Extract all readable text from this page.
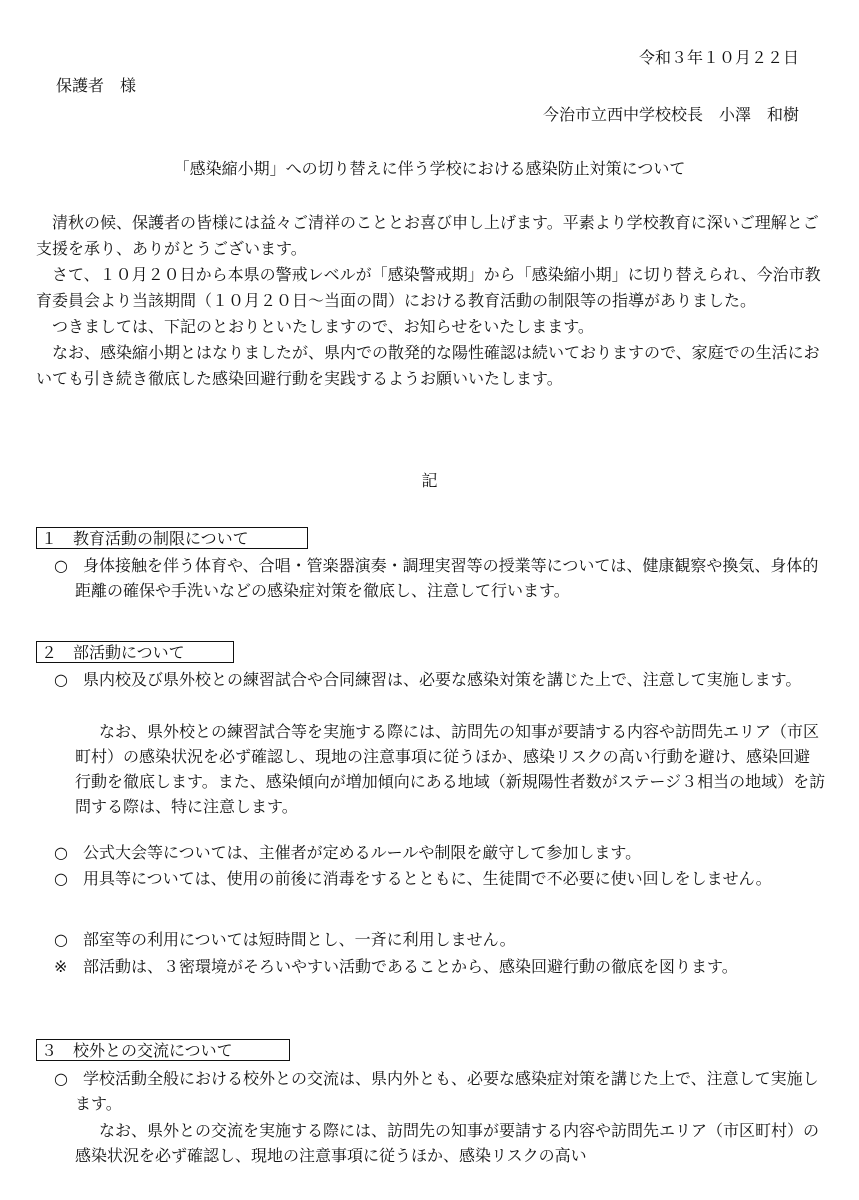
令和３年１０月２２日
保護者　様
今治市立西中学校校長　小澤　和樹
「感染縮小期」への切り替えに伴う学校における感染防止対策について

清秋の候、保護者の皆様には益々ご清祥のこととお喜び申し上げます。平素より学校教育に深いご理解とご支援を承り、ありがとうございます。

さて、１０月２０日から本県の警戒レベルが「感染警戒期」から「感染縮小期」に切り替えられ、今治市教育委員会より当該期間（１０月２０日～当面の間）における教育活動の制限等の指導がありました。

つきましては、下記のとおりといたしますので、お知らせをいたしまます。

なお、感染縮小期とはなりましたが、県内での散発的な陽性確認は続いておりますので、家庭での生活においても引き続き徹底した感染回避行動を実践するようお願いいたします。

記
１　教育活動の制限について
○ 身体接触を伴う体育や、合唱・管楽器演奏・調理実習等の授業等については、健康観察や換気、身体的距離の確保や手洗いなどの感染症対策を徹底し、注意して行います。
２　部活動について
○ 県内校及び県外校との練習試合や合同練習は、必要な感染対策を講じた上で、注意して実施します。
なお、県外校との練習試合等を実施する際には、訪問先の知事が要請する内容や訪問先エリア（市区町村）の感染状況を必ず確認し、現地の注意事項に従うほか、感染リスクの高い行動を避け、感染回避行動を徹底します。また、感染傾向が増加傾向にある地域（新規陽性者数がステージ３相当の地域）を訪問する際は、特に注意します。
○ 公式大会等については、主催者が定めるルールや制限を厳守して参加します。
○ 用具等については、使用の前後に消毒をするとともに、生徒間で不必要に使い回しをしません。
○ 部室等の利用については短時間とし、一斉に利用しません。
※ 部活動は、３密環境がそろいやすい活動であることから、感染回避行動の徹底を図ります。
３　校外との交流について
○ 学校活動全般における校外との交流は、県内外とも、必要な感染症対策を講じた上で、注意して実施します。
なお、県外との交流を実施する際には、訪問先の知事が要請する内容や訪問先エリア（市区町村）の感染状況を必ず確認し、現地の注意事項に従うほか、感染リスクの高い
